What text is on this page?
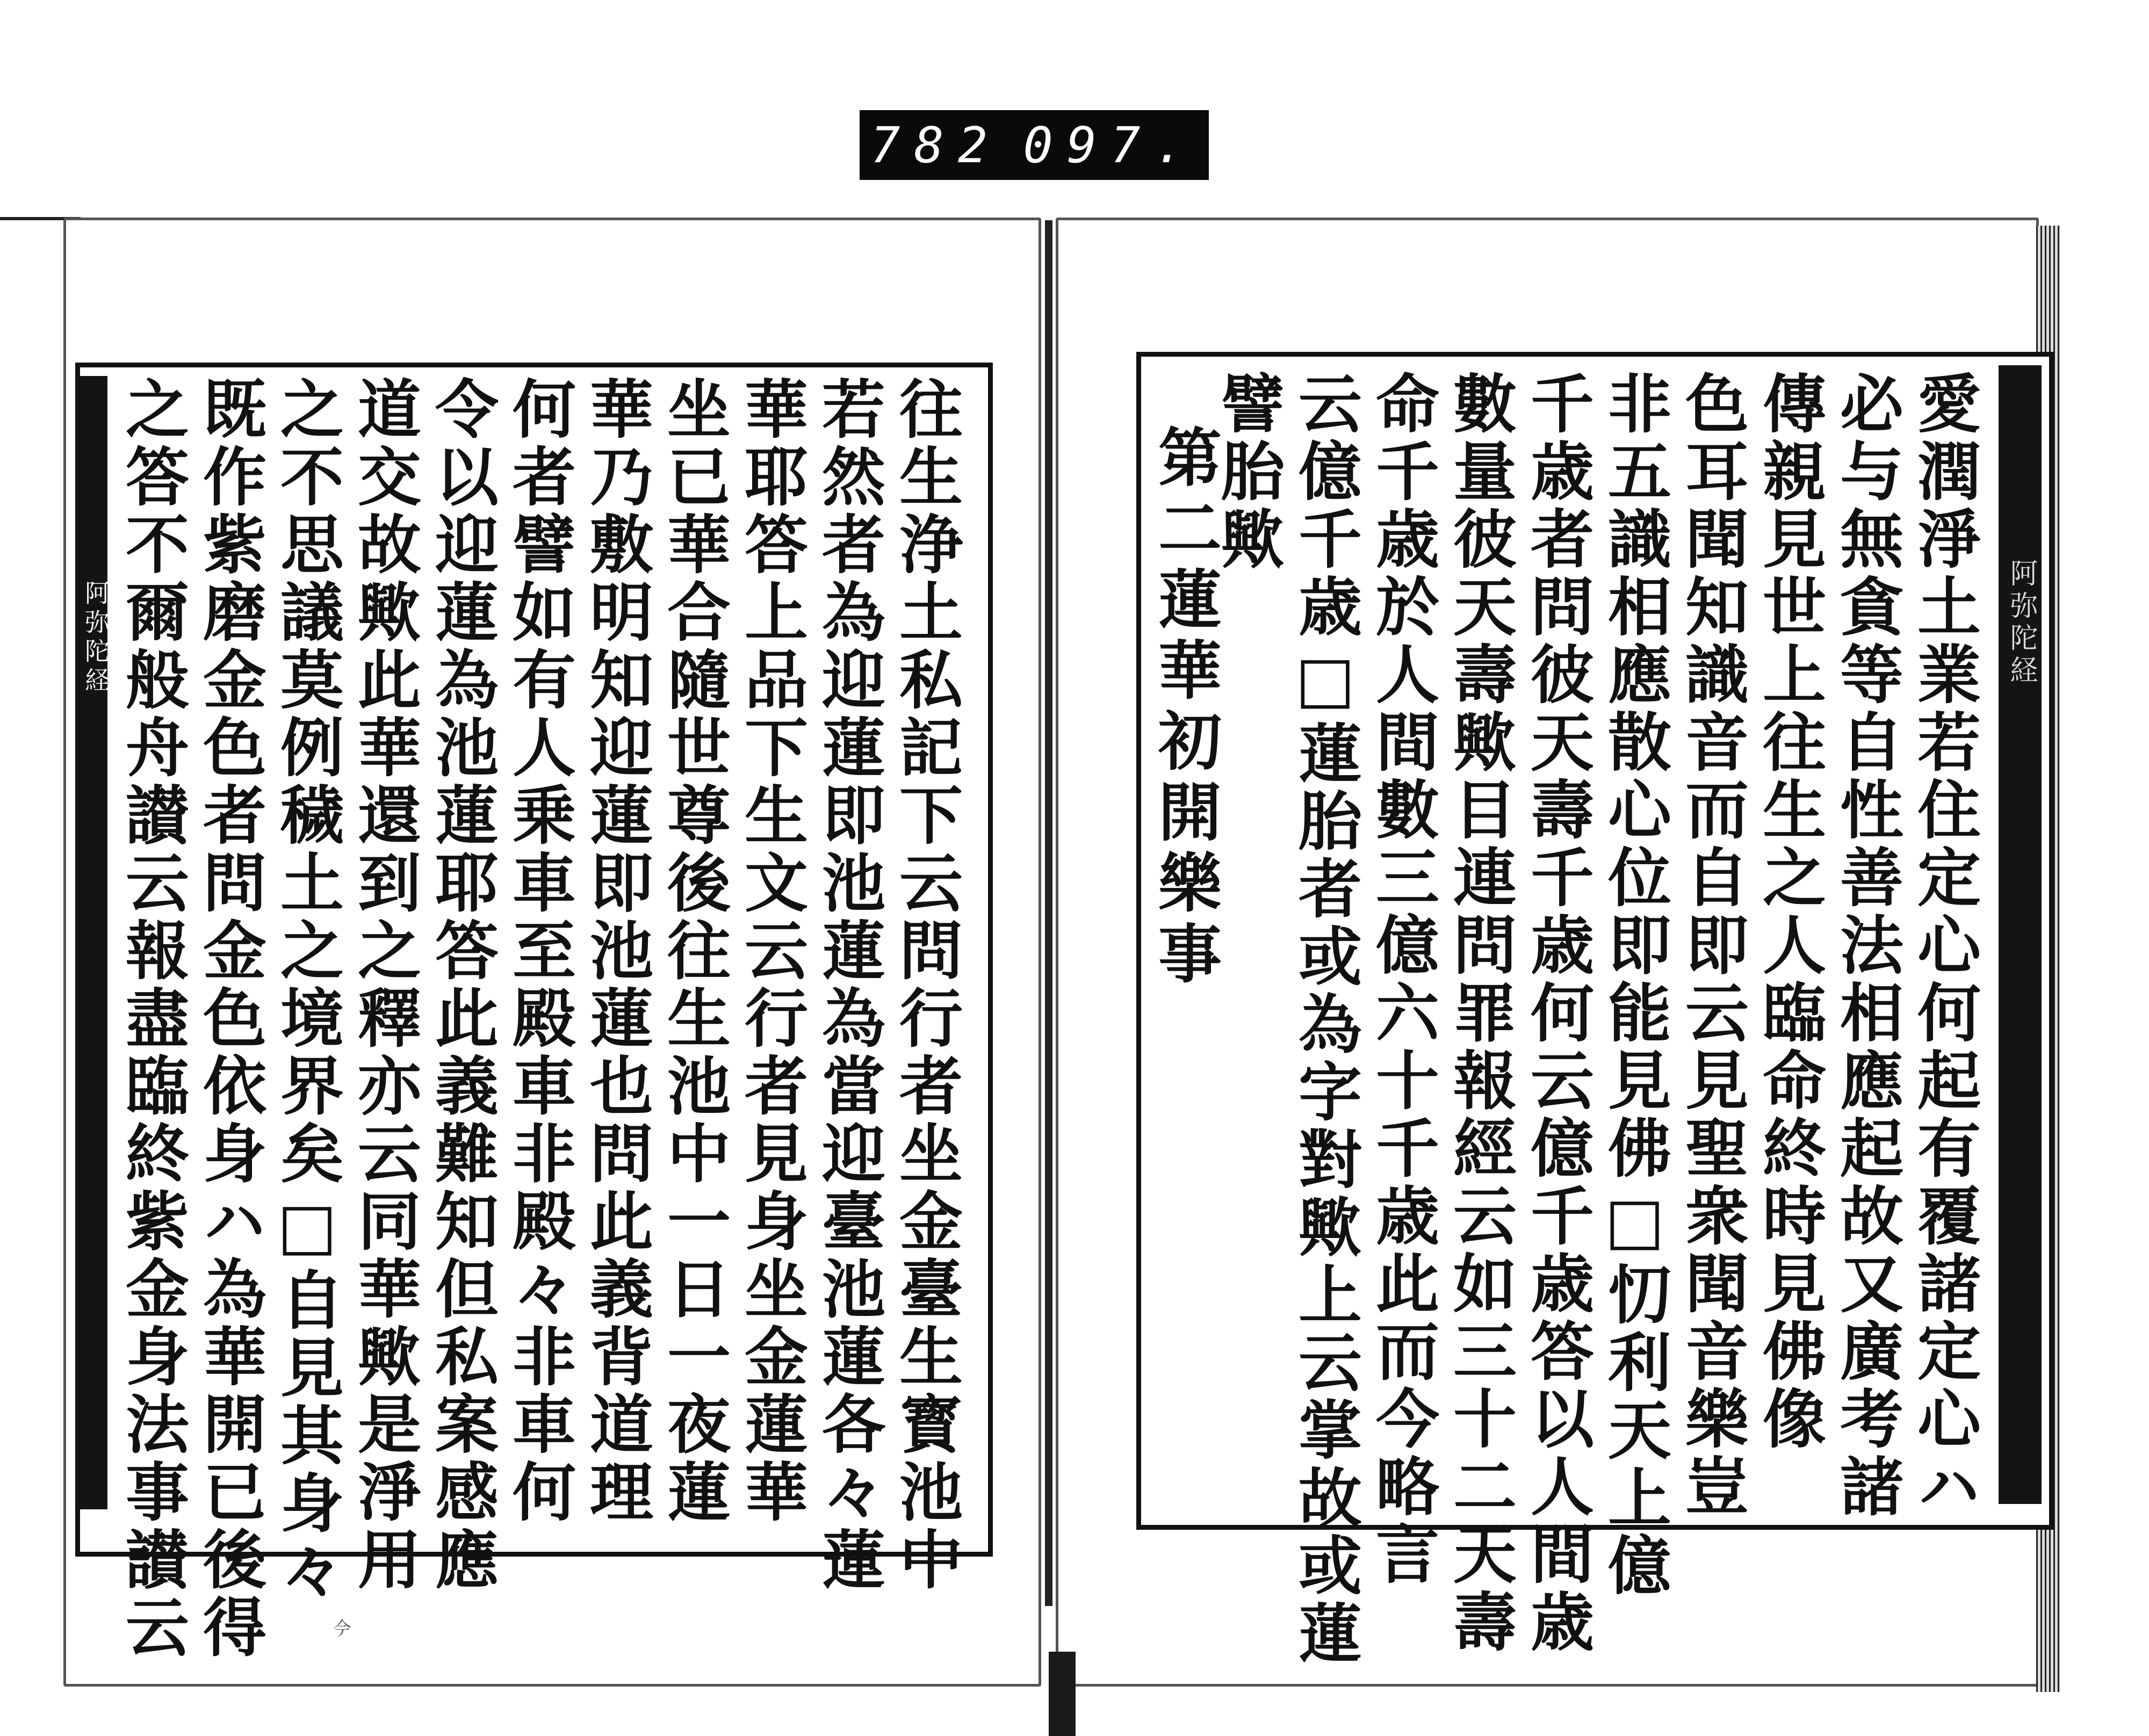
782 097.
阿弥陀経	阿弥陀経
往生浄土私記下云問行者坐金臺生寳池中
若然者為迎蓮即池蓮為當迎臺池蓮各々蓮
華耶答上品下生文云行者見身坐金蓮華
坐已華合隨世尊後往生池中一日一夜蓮
華乃敷明知迎蓮即池蓮也問此義背道理
何者譬如有人乗車至殿車非殿々非車何
令以迎蓮為池蓮耶答此義難知但私案感應
道交故歟此華還到之釋亦云同華歟是淨用
之不思議莫例穢土之境界矣□自見其身々
既作紫磨金色者問金色依身ハ為華開已後得
之答不爾般舟讃云報盡臨終紫金身法事讃云	愛潤淨土業若住定心何起有覆諸定心ハ
必与無貪等自性善法相應起故又廣考諸
傳親見世上往生之人臨命終時見佛像
色耳聞知識音而自即云見聖衆聞音樂豈
非五識相應散心位即能見佛□忉利天上億
千歳者問彼天壽千歳何云億千歳答以人間歳
數量彼天壽歟目連問罪報經云如三十二天壽
命千歳於人間數三億六十千歳此而今略言
云億千歳□蓮胎者或為字對歟上云掌故或蓮
譬胎歟
第二蓮華初開樂事
𫝆
